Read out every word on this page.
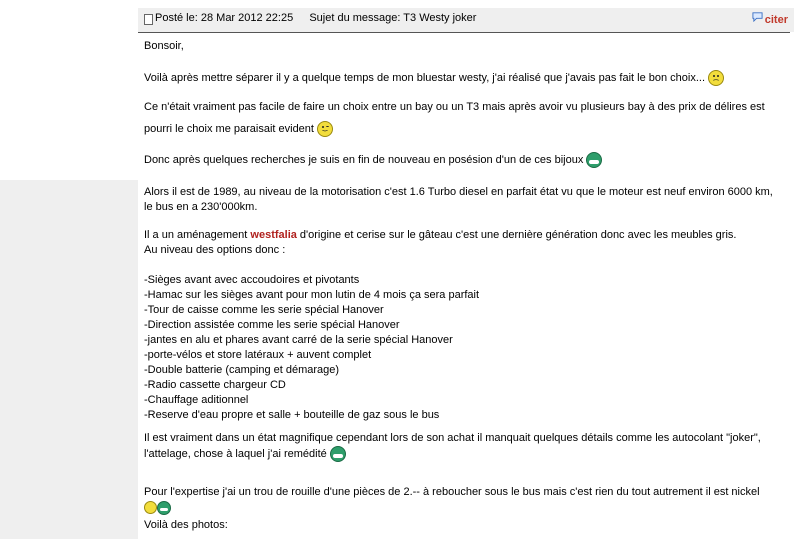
Posté le: 28 Mar 2012 22:25 Sujet du message: T3 Westy joker	citer
Bonsoir,
Voilà après mettre séparer il y a quelque temps de mon bluestar westy, j'ai réalisé que j'avais pas fait le bon choix...
Ce n'était vraiment pas facile de faire un choix entre un bay ou un T3 mais après avoir vu plusieurs bay à des prix de délires est pourri le choix me paraisait evident
Donc après quelques recherches je suis en fin de nouveau en posésion d'un de ces bijoux
Alors il est de 1989, au niveau de la motorisation c'est 1.6 Turbo diesel en parfait état vu que le moteur est neuf environ 6000 km, le bus en a 230'000km.
Il a un aménagement westfalia d'origine et cerise sur le gâteau c'est une dernière génération donc avec les meubles gris.
Au niveau des options donc :
-Sièges avant avec accoudoires et pivotants
-Hamac sur les sièges avant pour mon lutin de 4 mois ça sera parfait
-Tour de caisse comme les serie spécial Hanover
-Direction assistée comme les serie spécial Hanover
-jantes en alu et phares avant carré de la serie spécial Hanover
-porte-vélos et store latéraux + auvent complet
-Double batterie (camping et démarage)
-Radio cassette chargeur CD
-Chauffage aditionnel
-Reserve d'eau propre et salle + bouteille de gaz sous le bus
Il est vraiment dans un état magnifique cependant lors de son achat il manquait quelques détails comme les autocolant "joker", l'attelage, chose à laquel j'ai remédité
Pour l'expertise j'ai un trou de rouille d'une pièces de 2.-- à reboucher sous le bus mais c'est rien du tout autrement il est nickel
Voilà des photos:
